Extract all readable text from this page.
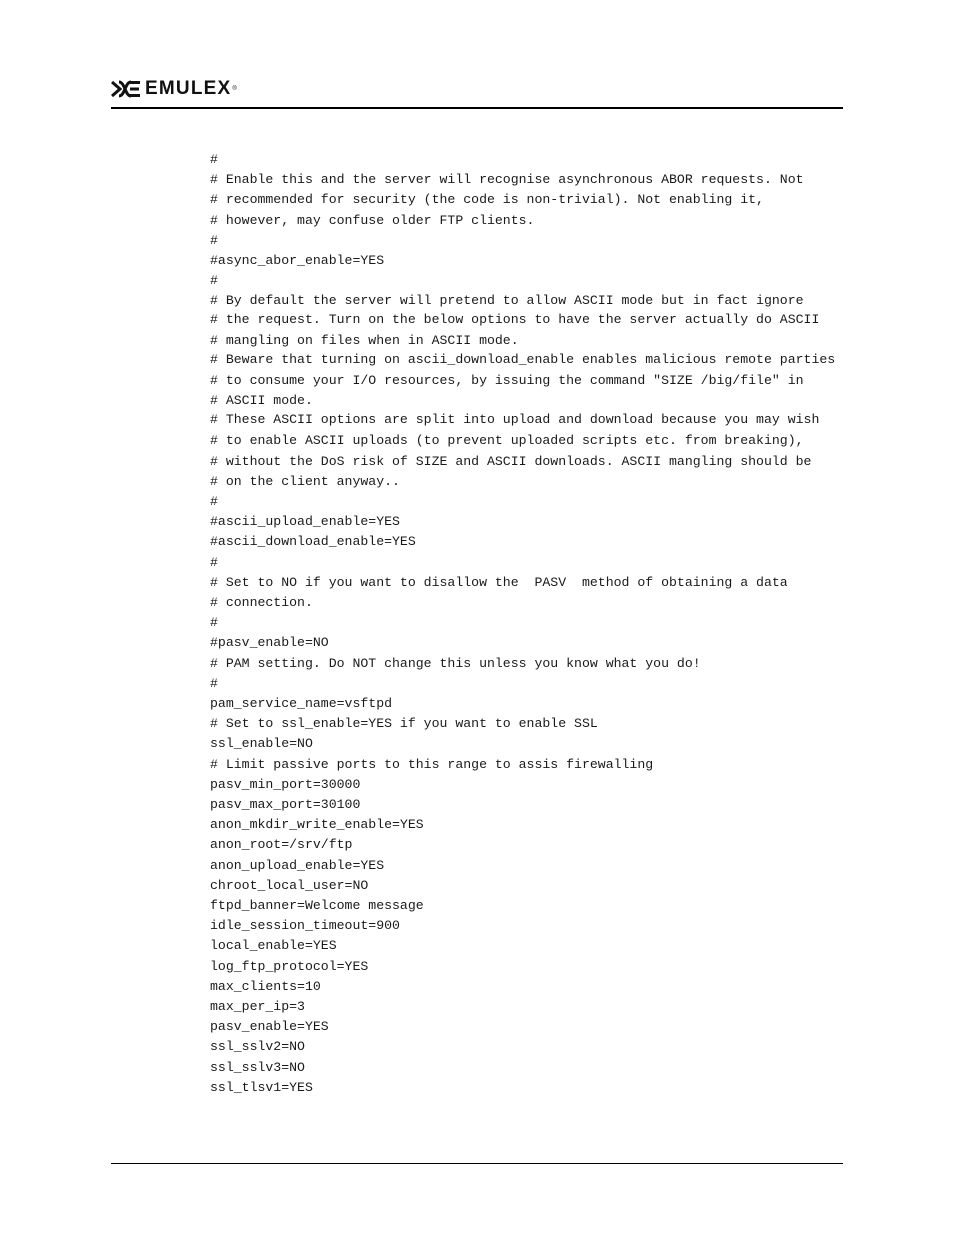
EMULEX ®
#
# Enable this and the server will recognise asynchronous ABOR requests. Not
# recommended for security (the code is non-trivial). Not enabling it,
# however, may confuse older FTP clients.
#
#async_abor_enable=YES
#
# By default the server will pretend to allow ASCII mode but in fact ignore
# the request. Turn on the below options to have the server actually do ASCII
# mangling on files when in ASCII mode.
# Beware that turning on ascii_download_enable enables malicious remote parties
# to consume your I/O resources, by issuing the command "SIZE /big/file" in
# ASCII mode.
# These ASCII options are split into upload and download because you may wish
# to enable ASCII uploads (to prevent uploaded scripts etc. from breaking),
# without the DoS risk of SIZE and ASCII downloads. ASCII mangling should be
# on the client anyway..
#
#ascii_upload_enable=YES
#ascii_download_enable=YES
#
# Set to NO if you want to disallow the  PASV  method of obtaining a data
# connection.
#
#pasv_enable=NO
# PAM setting. Do NOT change this unless you know what you do!
#
pam_service_name=vsftpd
# Set to ssl_enable=YES if you want to enable SSL
ssl_enable=NO
# Limit passive ports to this range to assis firewalling
pasv_min_port=30000
pasv_max_port=30100
anon_mkdir_write_enable=YES
anon_root=/srv/ftp
anon_upload_enable=YES
chroot_local_user=NO
ftpd_banner=Welcome message
idle_session_timeout=900
local_enable=YES
log_ftp_protocol=YES
max_clients=10
max_per_ip=3
pasv_enable=YES
ssl_sslv2=NO
ssl_sslv3=NO
ssl_tlsv1=YES
